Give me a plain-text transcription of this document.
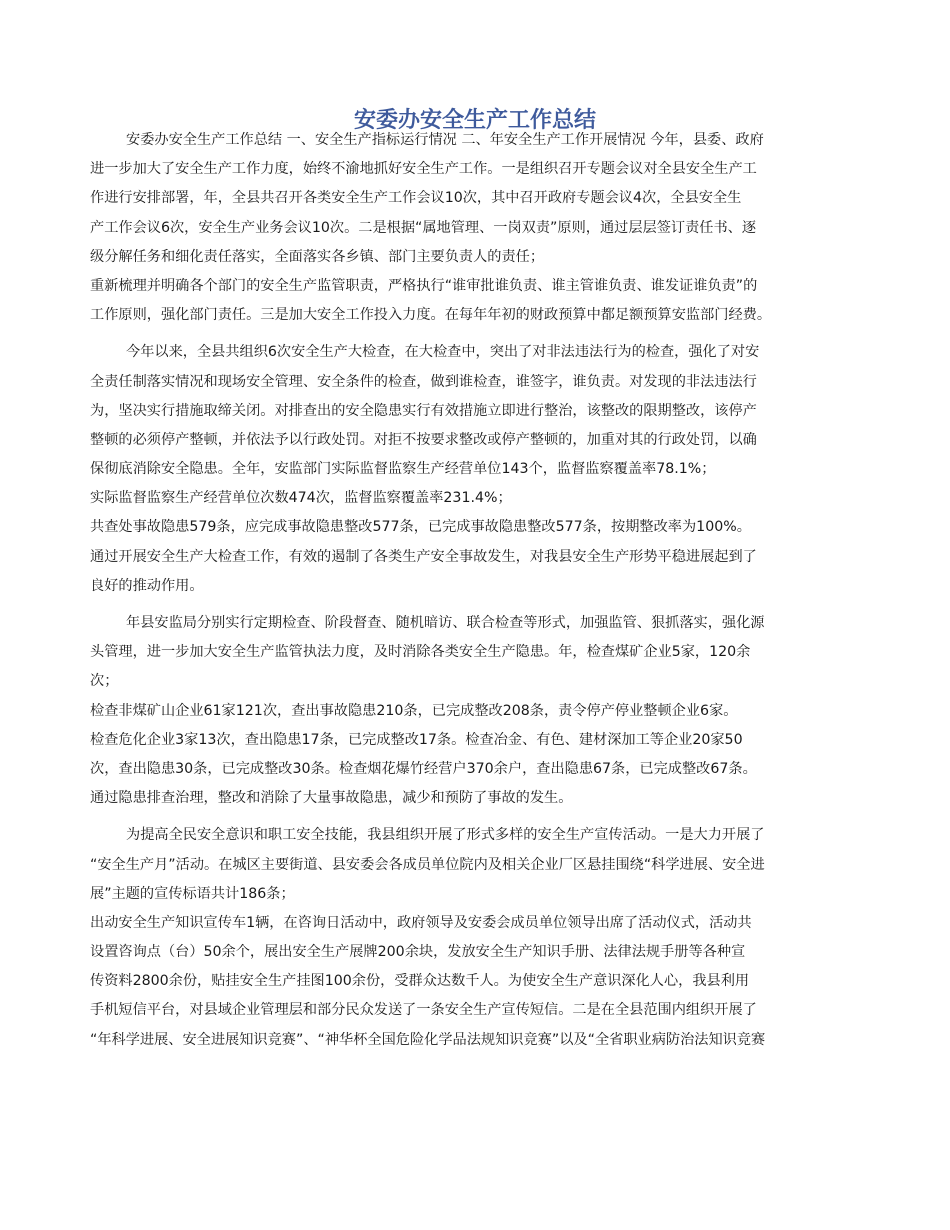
安委办安全生产工作总结
安委办安全生产工作总结 一、安全生产指标运行情况 二、年安全生产工作开展情况 今年，县委、政府
进一步加大了安全生产工作力度，始终不渝地抓好安全生产工作。一是组织召开专题会议对全县安全生产工
作进行安排部署，年，全县共召开各类安全生产工作会议10次，其中召开政府专题会议4次，全县安全生
产工作会议6次，安全生产业务会议10次。二是根据“属地管理、一岗双责”原则，通过层层签订责任书、逐
级分解任务和细化责任落实，全面落实各乡镇、部门主要负责人的责任；
重新梳理并明确各个部门的安全生产监管职责，严格执行“谁审批谁负责、谁主管谁负责、谁发证谁负责”的
工作原则，强化部门责任。三是加大安全工作投入力度。在每年年初的财政预算中都足额预算安监部门经费。
今年以来，全县共组织6次安全生产大检查，在大检查中，突出了对非法违法行为的检查，强化了对安
全责任制落实情况和现场安全管理、安全条件的检查，做到谁检查，谁签字，谁负责。对发现的非法违法行
为，坚决实行措施取缔关闭。对排查出的安全隐患实行有效措施立即进行整治，该整改的限期整改，该停产
整顿的必须停产整顿，并依法予以行政处罚。对拒不按要求整改或停产整顿的，加重对其的行政处罚，以确
保彻底消除安全隐患。全年，安监部门实际监督监察生产经营单位143个，监督监察覆盖率78.1%；
实际监督监察生产经营单位次数474次，监督监察覆盖率231.4%；
共查处事故隐患579条，应完成事故隐患整改577条，已完成事故隐患整改577条，按期整改率为100%。
通过开展安全生产大检查工作，有效的遏制了各类生产安全事故发生，对我县安全生产形势平稳进展起到了
良好的推动作用。
年县安监局分别实行定期检查、阶段督查、随机暗访、联合检查等形式，加强监管、狠抓落实，强化源
头管理，进一步加大安全生产监管执法力度，及时消除各类安全生产隐患。年，检查煤矿企业5家，120余
次；
检查非煤矿山企业61家121次，查出事故隐患210条，已完成整改208条，责令停产停业整顿企业6家。
检查危化企业3家13次，查出隐患17条，已完成整改17条。检查冶金、有色、建材深加工等企业20家50
次，查出隐患30条，已完成整改30条。检查烟花爆竹经营户370余户，查出隐患67条，已完成整改67条。
通过隐患排查治理，整改和消除了大量事故隐患，减少和预防了事故的发生。
为提高全民安全意识和职工安全技能，我县组织开展了形式多样的安全生产宣传活动。一是大力开展了
“安全生产月”活动。在城区主要街道、县安委会各成员单位院内及相关企业厂区悬挂围绕“科学进展、安全进
展”主题的宣传标语共计186条；
出动安全生产知识宣传车1辆，在咨询日活动中，政府领导及安委会成员单位领导出席了活动仪式，活动共
设置咨询点（台）50余个，展出安全生产展牌200余块，发放安全生产知识手册、法律法规手册等各种宣
传资料2800余份，贴挂安全生产挂图100余份，受群众达数千人。为使安全生产意识深化人心，我县利用
手机短信平台，对县域企业管理层和部分民众发送了一条安全生产宣传短信。二是在全县范围内组织开展了
“年科学进展、安全进展知识竞赛”、“神华杯全国危险化学品法规知识竞赛”以及“全省职业病防治法知识竞赛
